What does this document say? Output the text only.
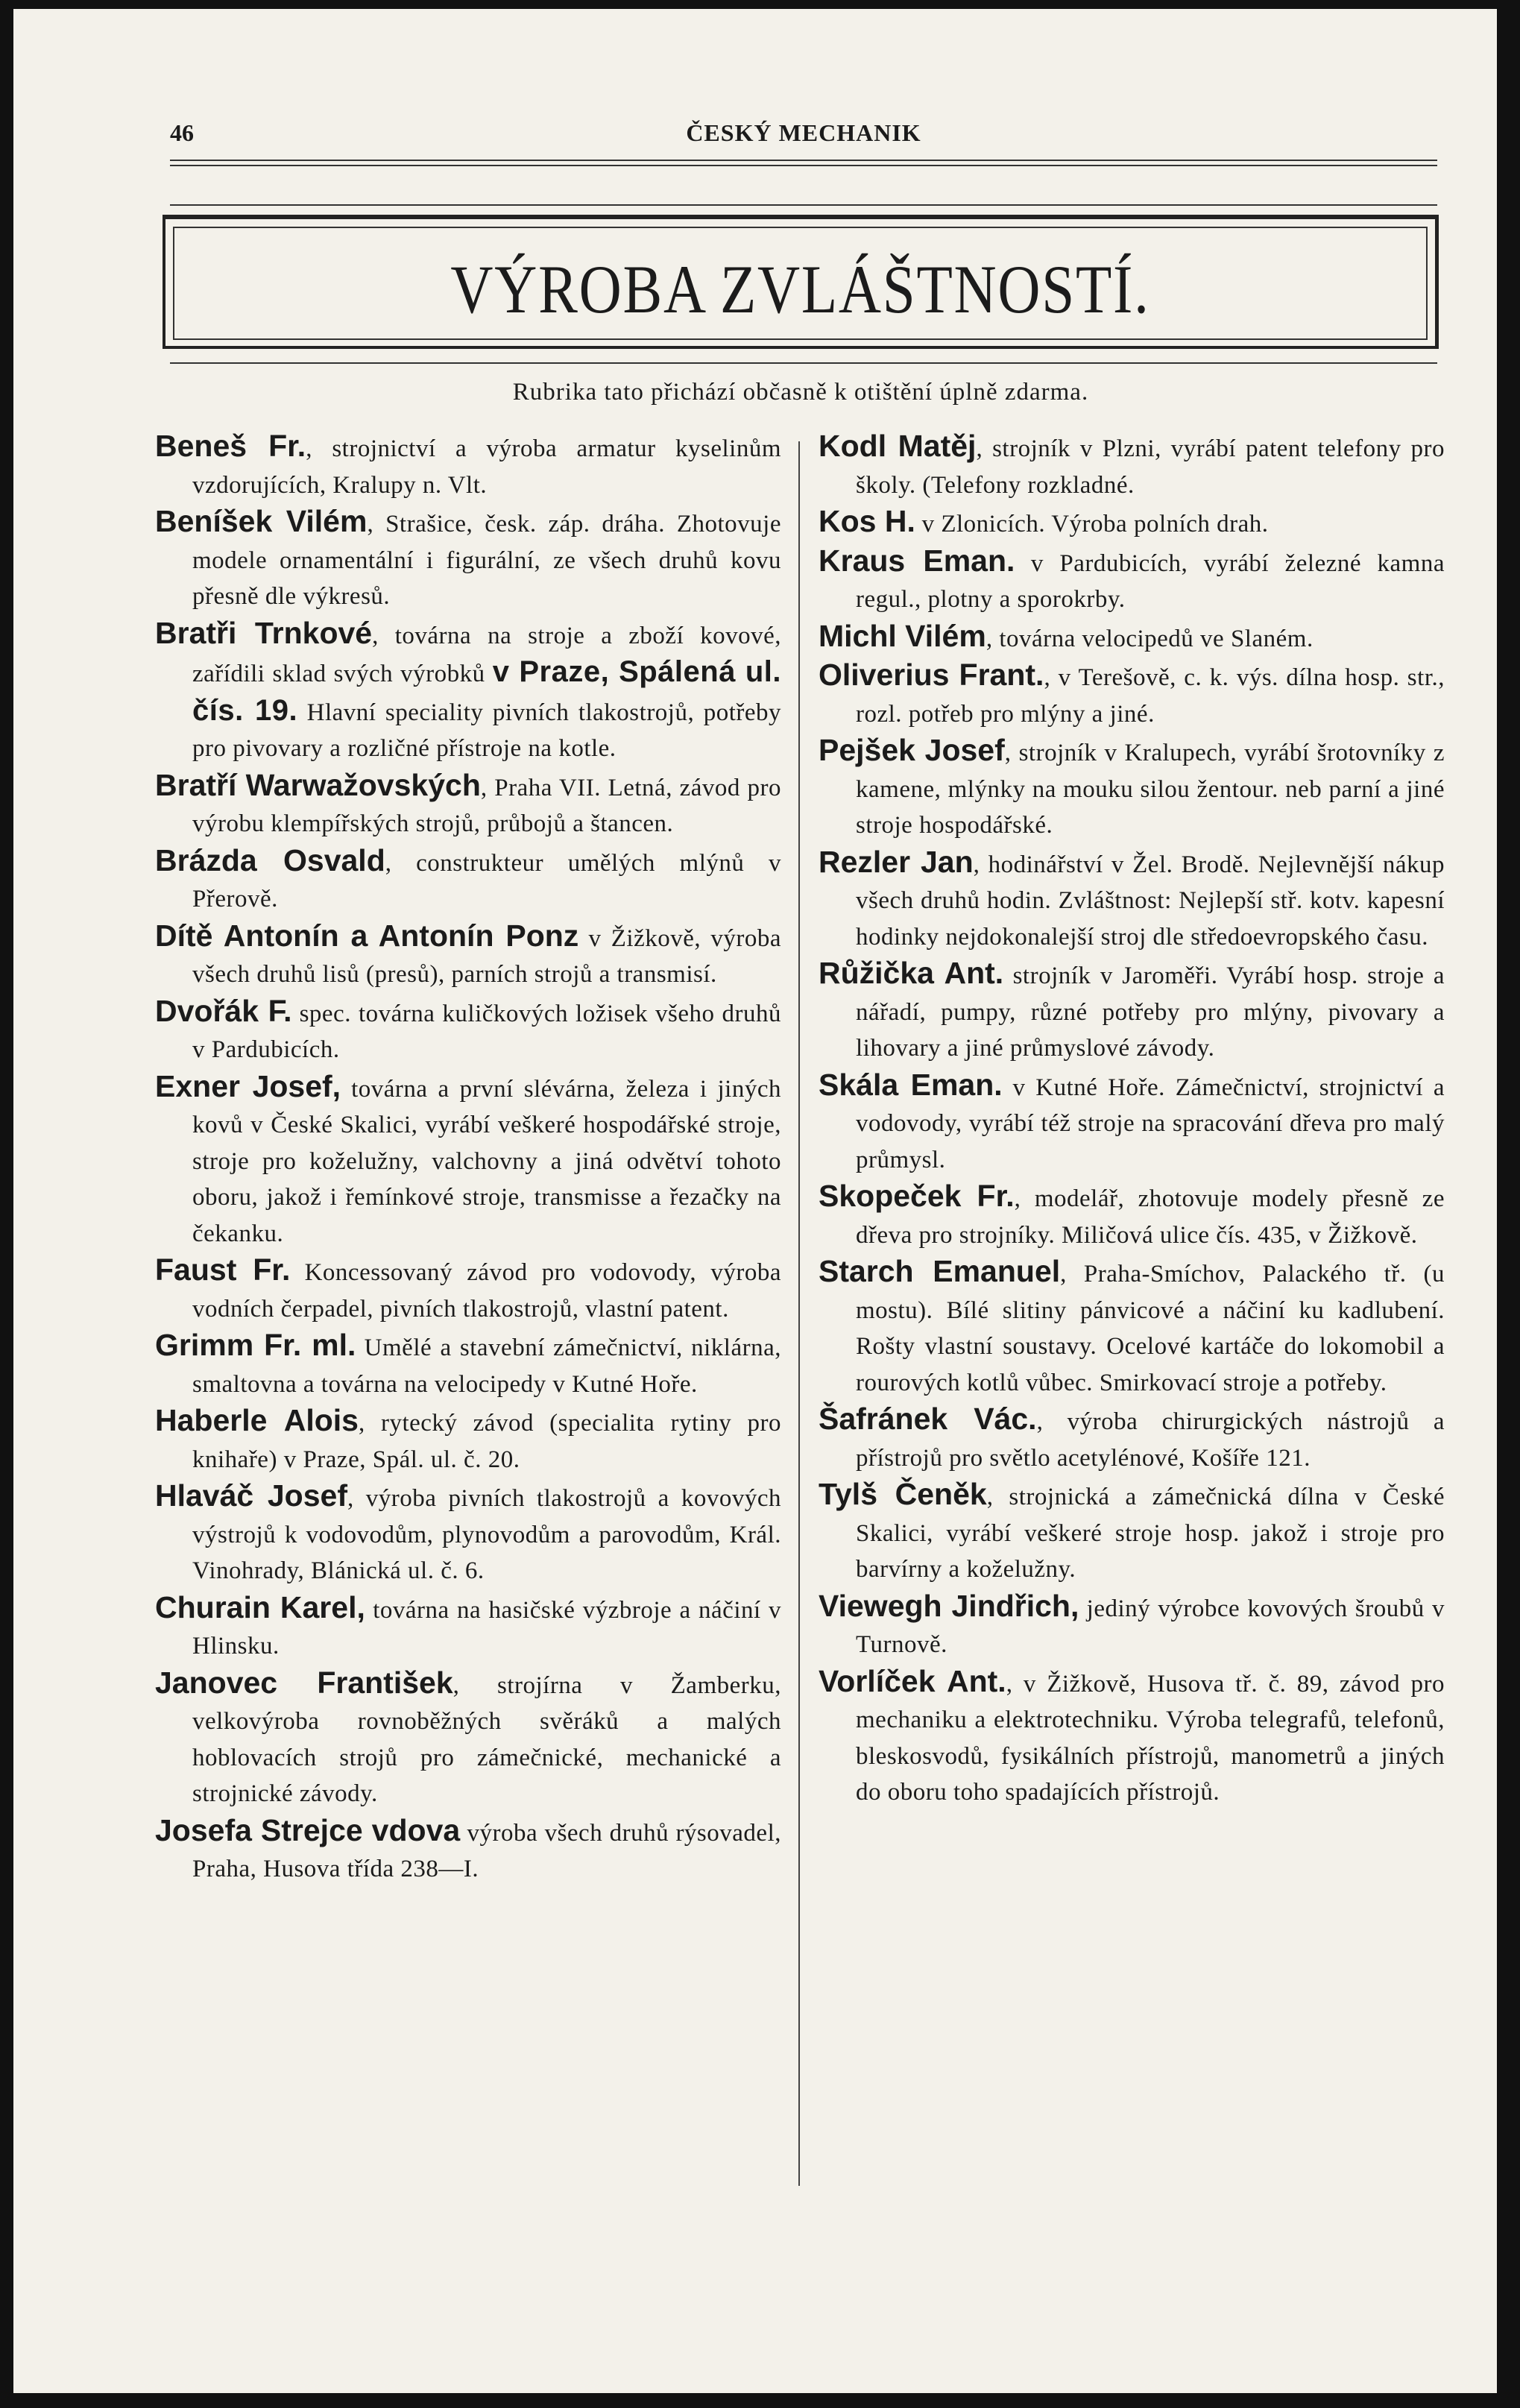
46	ČESKÝ MECHANIK
VÝROBA ZVLÁŠTNOSTÍ.
Rubrika tato přichází občasně k otištění úplně zdarma.

Beneš Fr., strojnictví a výroba armatur kyselinům vzdorujících, Kralupy n. Vlt.

Beníšek Vilém, Strašice, česk. záp. dráha. Zhotovuje modele ornamentální i figurální, ze všech druhů kovu přesně dle výkresů.

Bratři Trnkové, továrna na stroje a zboží kovové, zařídili sklad svých výrobků v Praze, Spálená ul. čís. 19. Hlavní speciality pivních tlakostrojů, potřeby pro pivovary a rozličné přístroje na kotle.

Bratří Warwažovských, Praha VII. Letná, závod pro výrobu klempířských strojů, průbojů a štancen.

Brázda Osvald, construkteur umělých mlýnů v Přerově.

Dítě Antonín a Antonín Ponz v Žižkově, výroba všech druhů lisů (presů), parních strojů a transmisí.

Dvořák F. spec. továrna kuličkových ložisek všeho druhů v Pardubicích.

Exner Josef, továrna a první slévárna, železa i jiných kovů v České Skalici, vyrábí veškeré hospodářské stroje, stroje pro koželužny, valchovny a jiná odvětví tohoto oboru, jakož i řemínkové stroje, transmisse a řezačky na čekanku.

Faust Fr. Koncessovaný závod pro vodovody, výroba vodních čerpadel, pivních tlakostrojů, vlastní patent.

Grimm Fr. ml. Umělé a stavební zámečnictví, niklárna, smaltovna a továrna na velocipedy v Kutné Hoře.

Haberle Alois, rytecký závod (specialita rytiny pro knihaře) v Praze, Spál. ul. č. 20.

Hlaváč Josef, výroba pivních tlakostrojů a kovových výstrojů k vodovodům, plynovodům a parovodům, Král. Vinohrady, Blánická ul. č. 6.

Churain Karel, továrna na hasičské výzbroje a náčiní v Hlinsku.

Janovec František, strojírna v Žamberku, velkovýroba rovnoběžných svěráků a malých hoblovacích strojů pro zámečnické, mechanické a strojnické závody.

Josefa Strejce vdova výroba všech druhů rýsovadel, Praha, Husova třída 238—I.

Kodl Matěj, strojník v Plzni, vyrábí patent telefony pro školy. (Telefony rozkladné.

Kos H. v Zlonicích. Výroba polních drah.

Kraus Eman. v Pardubicích, vyrábí železné kamna regul., plotny a sporokrby.

Michl Vilém, továrna velocipedů ve Slaném.

Oliverius Frant., v Terešově, c. k. výs. dílna hosp. str., rozl. potřeb pro mlýny a jiné.

Pejšek Josef, strojník v Kralupech, vyrábí šrotovníky z kamene, mlýnky na mouku silou žentour. neb parní a jiné stroje hospodářské.

Rezler Jan, hodinářství v Žel. Brodě. Nejlevnější nákup všech druhů hodin. Zvláštnost: Nejlepší stř. kotv. kapesní hodinky nejdokonalejší stroj dle středoevropského času.

Růžička Ant. strojník v Jaroměři. Vyrábí hosp. stroje a nářadí, pumpy, různé potřeby pro mlýny, pivovary a lihovary a jiné průmyslové závody.

Skála Eman. v Kutné Hoře. Zámečnictví, strojnictví a vodovody, vyrábí též stroje na spracování dřeva pro malý průmysl.

Skopeček Fr., modelář, zhotovuje modely přesně ze dřeva pro strojníky. Miličová ulice čís. 435, v Žižkově.

Starch Emanuel, Praha-Smíchov, Palackého tř. (u mostu). Bílé slitiny pánvicové a náčiní ku kadlubení. Rošty vlastní soustavy. Ocelové kartáče do lokomobil a rourových kotlů vůbec. Smirkovací stroje a potřeby.

Šafránek Vác., výroba chirurgických nástrojů a přístrojů pro světlo acetylénové, Košíře 121.

Tylš Čeněk, strojnická a zámečnická dílna v České Skalici, vyrábí veškeré stroje hosp. jakož i stroje pro barvírny a koželužny.

Viewegh Jindřich, jediný výrobce kovových šroubů v Turnově.

Vorlíček Ant., v Žižkově, Husova tř. č. 89, závod pro mechaniku a elektrotechniku. Výroba telegrafů, telefonů, bleskosvodů, fysikálních přístrojů, manometrů a jiných do oboru toho spadajících přístrojů.
